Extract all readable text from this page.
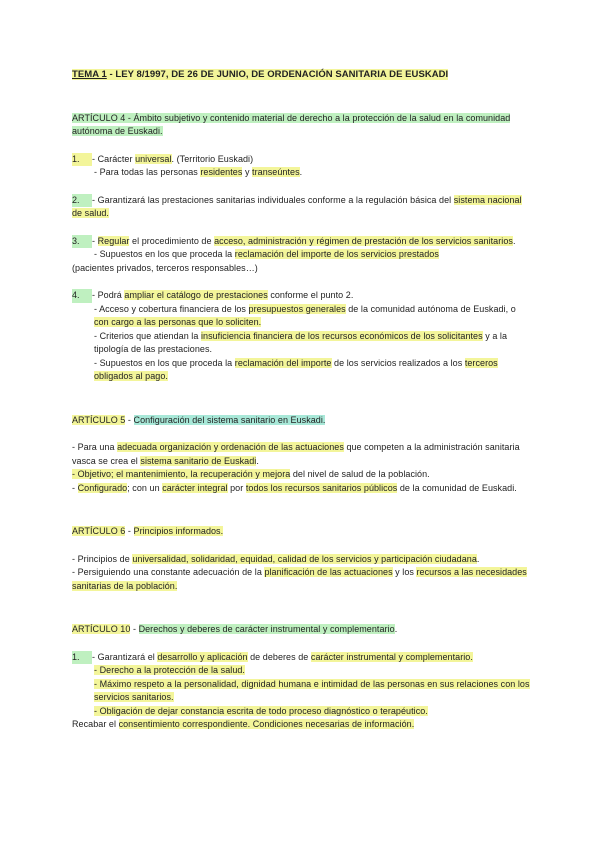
TEMA 1 - LEY 8/1997, DE 26 DE JUNIO, DE ORDENACIÓN SANITARIA DE EUSKADI
ARTÍCULO 4 - Ámbito subjetivo y contenido material de derecho a la protección de la salud en la comunidad autónoma de Euskadi.
1. - Carácter universal. (Territorio Euskadi)
- Para todas las personas residentes y transeúntes.
2. - Garantizará las prestaciones sanitarias individuales conforme a la regulación básica del sistema nacional de salud.
3. - Regular el procedimiento de acceso, administración y régimen de prestación de los servicios sanitarios.
- Supuestos en los que proceda la reclamación del importe de los servicios prestados
(pacientes privados, terceros responsables…)
4. - Podrá ampliar el catálogo de prestaciones conforme el punto 2.
- Acceso y cobertura financiera de los presupuestos generales de la comunidad autónoma de Euskadi, o con cargo a las personas que lo soliciten.
- Criterios que atiendan la insuficiencia financiera de los recursos económicos de los solicitantes y a la tipología de las prestaciones.
- Supuestos en los que proceda la reclamación del importe de los servicios realizados a los terceros obligados al pago.
ARTÍCULO 5 - Configuración del sistema sanitario en Euskadi.
- Para una adecuada organización y ordenación de las actuaciones que competen a la administración sanitaria vasca se crea el sistema sanitario de Euskadi.
- Objetivo; el mantenimiento, la recuperación y mejora del nivel de salud de la población.
- Configurado; con un carácter integral por todos los recursos sanitarios públicos de la comunidad de Euskadi.
ARTÍCULO 6 - Principios informados.
- Principios de universalidad, solidaridad, equidad, calidad de los servicios y participación ciudadana.
- Persiguiendo una constante adecuación de la planificación de las actuaciones y los recursos a las necesidades sanitarias de la población.
ARTÍCULO 10 - Derechos y deberes de carácter instrumental y complementario.
1. - Garantizará el desarrollo y aplicación de deberes de carácter instrumental y complementario.
- Derecho a la protección de la salud.
- Máximo respeto a la personalidad, dignidad humana e intimidad de las personas en sus relaciones con los servicios sanitarios.
- Obligación de dejar constancia escrita de todo proceso diagnóstico o terapéutico.
Recabar el consentimiento correspondiente. Condiciones necesarias de información.
